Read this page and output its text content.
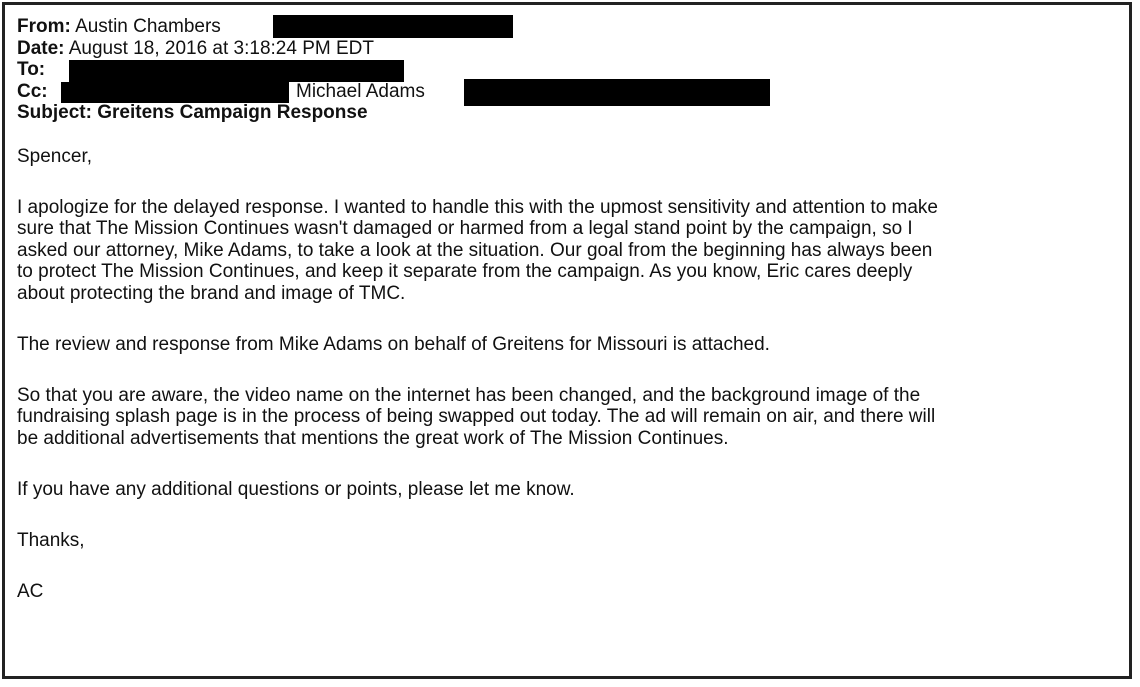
From: Austin Chambers
Date: August 18, 2016 at 3:18:24 PM EDT
To:
Cc:	Michael Adams
Subject: Greitens Campaign Response

Spencer,

I apologize for the delayed response. I wanted to handle this with the upmost sensitivity and attention to make
sure that The Mission Continues wasn't damaged or harmed from a legal stand point by the campaign, so I
asked our attorney, Mike Adams, to take a look at the situation. Our goal from the beginning has always been
to protect The Mission Continues, and keep it separate from the campaign. As you know, Eric cares deeply
about protecting the brand and image of TMC.

The review and response from Mike Adams on behalf of Greitens for Missouri is attached.

So that you are aware, the video name on the internet has been changed, and the background image of the
fundraising splash page is in the process of being swapped out today. The ad will remain on air, and there will
be additional advertisements that mentions the great work of The Mission Continues.

If you have any additional questions or points, please let me know.

Thanks,

AC
